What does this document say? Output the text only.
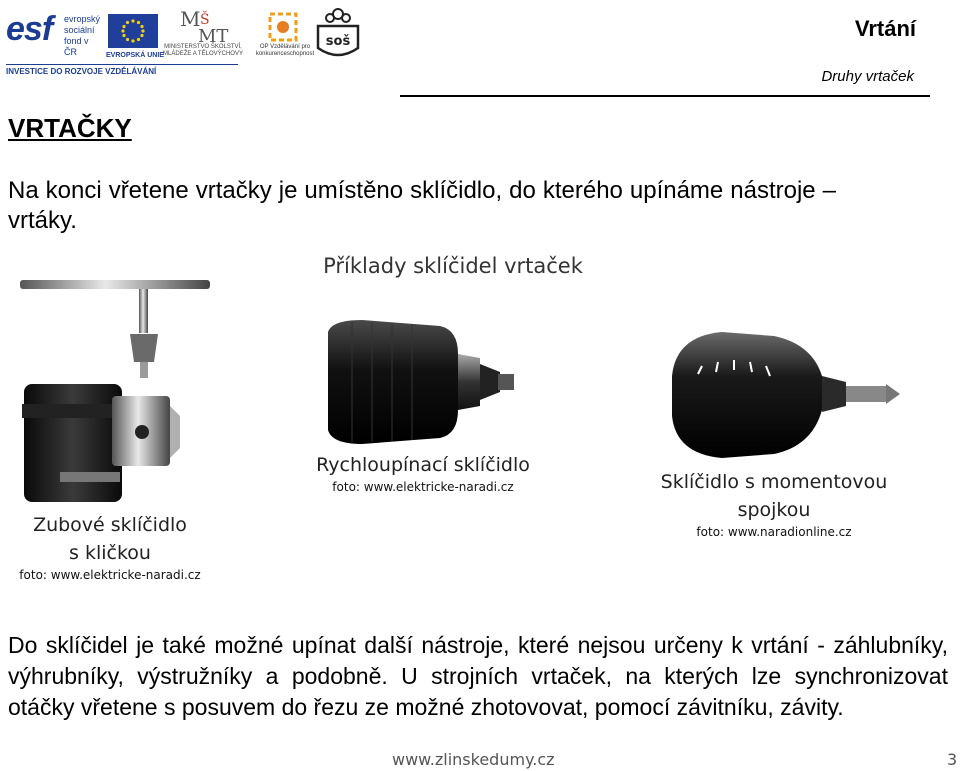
esf evropský sociální fond v ČR	EVROPSKÁ UNIE
INVESTICE DO ROZVOJE VZDĚLÁVÁNÍ
M Š
MT
MINISTERSTVO ŠKOLSTVÍ, MLÁDEŽE A TĚLOVÝCHOVY
OP Vzdělávání pro konkurenceschopnost
soš
Vrtání
Druhy vrtaček
VRTAČKY
Na konci vřetene vrtačky je umístěno sklíčidlo, do kterého upínáme nástroje – vrtáky.
Příklady sklíčidel vrtaček
Zubové sklíčidlo
s kličkou
foto: www.elektricke-naradi.cz
Rychloupínací sklíčidlo
foto: www.elektricke-naradi.cz	Sklíčidlo s momentovou
spojkou
foto: www.naradionline.cz
Do sklíčidel je také možné upínat další nástroje, které nejsou určeny k vrtání - záhlubníky, výhrubníky, výstružníky a podobně. U strojních vrtaček, na kterých lze synchronizovat otáčky vřetene s posuvem do řezu ze možné zhotovovat, pomocí závitníku, závity.
www.zlinskedumy.cz	3
